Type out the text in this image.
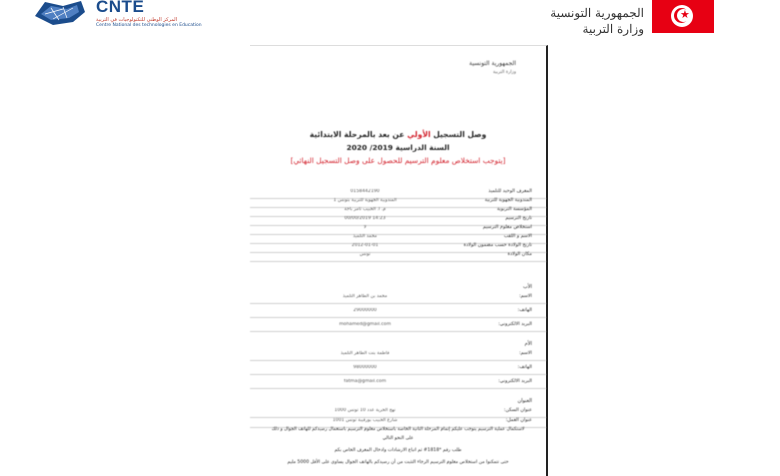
CNTE
المركز الوطني للتكنولوجيات في التربية
Centre National des technologies en Education
★
الجمهورية التونسية
وزارة التربية
الجمهورية التونسية
وزارة التربية
وصل التسجيل الأولي عن بعد بالمرحلة الابتدائية
السنة الدراسية 2019/ 2020
[يتوجب استخلاص معلوم الترسيم للحصول على وصل التسجيل النهائي]
المعرف الوحيد للتلميذ
0158442190
المندوبية الجهوية للتربية
المندوبية الجهوية للتربية بتونس 1
المؤسسة التربوية
م. ا. الحبيب ثامر باجة
تاريخ الترسيم
00/00/2019 14:23
استخلاص معلوم الترسيم
لا
الاسم و اللقب
محمد التلميذ
تاريخ الولادة حسب مضمون الولادة
2012-01-01
مكان الولادة
تونس
الأب
الاسم:
محمد بن الطاهر التلميذ
الهاتف:
29000000
البريد الالكتروني:
mohamed@gmail.com
الأم
الاسم:
فاطمة بنت الطاهر التلميذ
الهاتف:
98000000
البريد الالكتروني:
fatma@gmail.com
العنوان
عنوان السكن:
نهج الحرية عدد 10 تونس 1000
عنوان العمل:
شارع الحبيب بورقيبة تونس 1001
لاستكمال عملية الترسيم يتوجب عليكم إتمام المرحلة الثانية الخاصة باستخلاص معلوم الترسيم باستعمال رصيدكم للهاتف الجوال و ذلك
على النحو التالي
طلب رقم *1818# ثم اتباع الارشادات وادخال المعرف الخاص بكم
حتى تتمكنوا من استخلاص معلوم الترسيم الرجاء التثبت من أن رصيدكم بالهاتف الجوال يساوي على الأقل 5000 مليم
